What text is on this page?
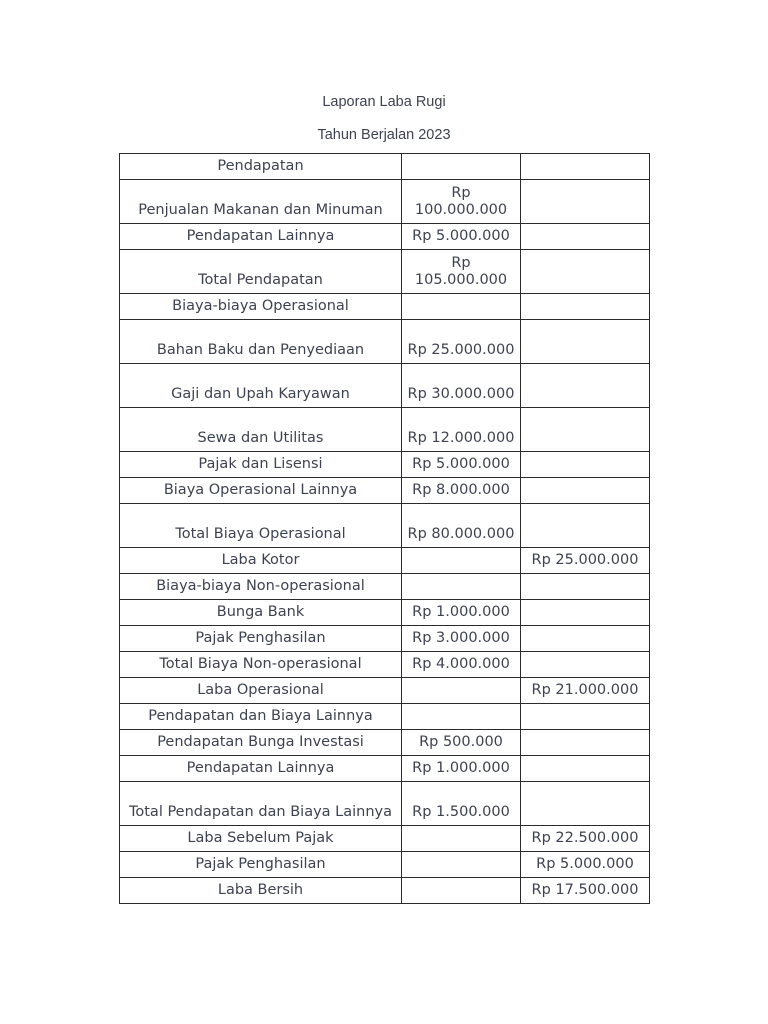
Laporan Laba Rugi
Tahun Berjalan 2023
Pendapatan		
Penjualan Makanan dan Minuman	Rp 100.000.000	
Pendapatan Lainnya	Rp 5.000.000	
Total Pendapatan	Rp 105.000.000	
Biaya-biaya Operasional		
Bahan Baku dan Penyediaan	Rp 25.000.000	
Gaji dan Upah Karyawan	Rp 30.000.000	
Sewa dan Utilitas	Rp 12.000.000	
Pajak dan Lisensi	Rp 5.000.000	
Biaya Operasional Lainnya	Rp 8.000.000	
Total Biaya Operasional	Rp 80.000.000	
Laba Kotor		Rp 25.000.000
Biaya-biaya Non-operasional		
Bunga Bank	Rp 1.000.000	
Pajak Penghasilan	Rp 3.000.000	
Total Biaya Non-operasional	Rp 4.000.000	
Laba Operasional		Rp 21.000.000
Pendapatan dan Biaya Lainnya		
Pendapatan Bunga Investasi	Rp 500.000	
Pendapatan Lainnya	Rp 1.000.000	
Total Pendapatan dan Biaya Lainnya	Rp 1.500.000	
Laba Sebelum Pajak		Rp 22.500.000
Pajak Penghasilan		Rp 5.000.000
Laba Bersih		Rp 17.500.000
